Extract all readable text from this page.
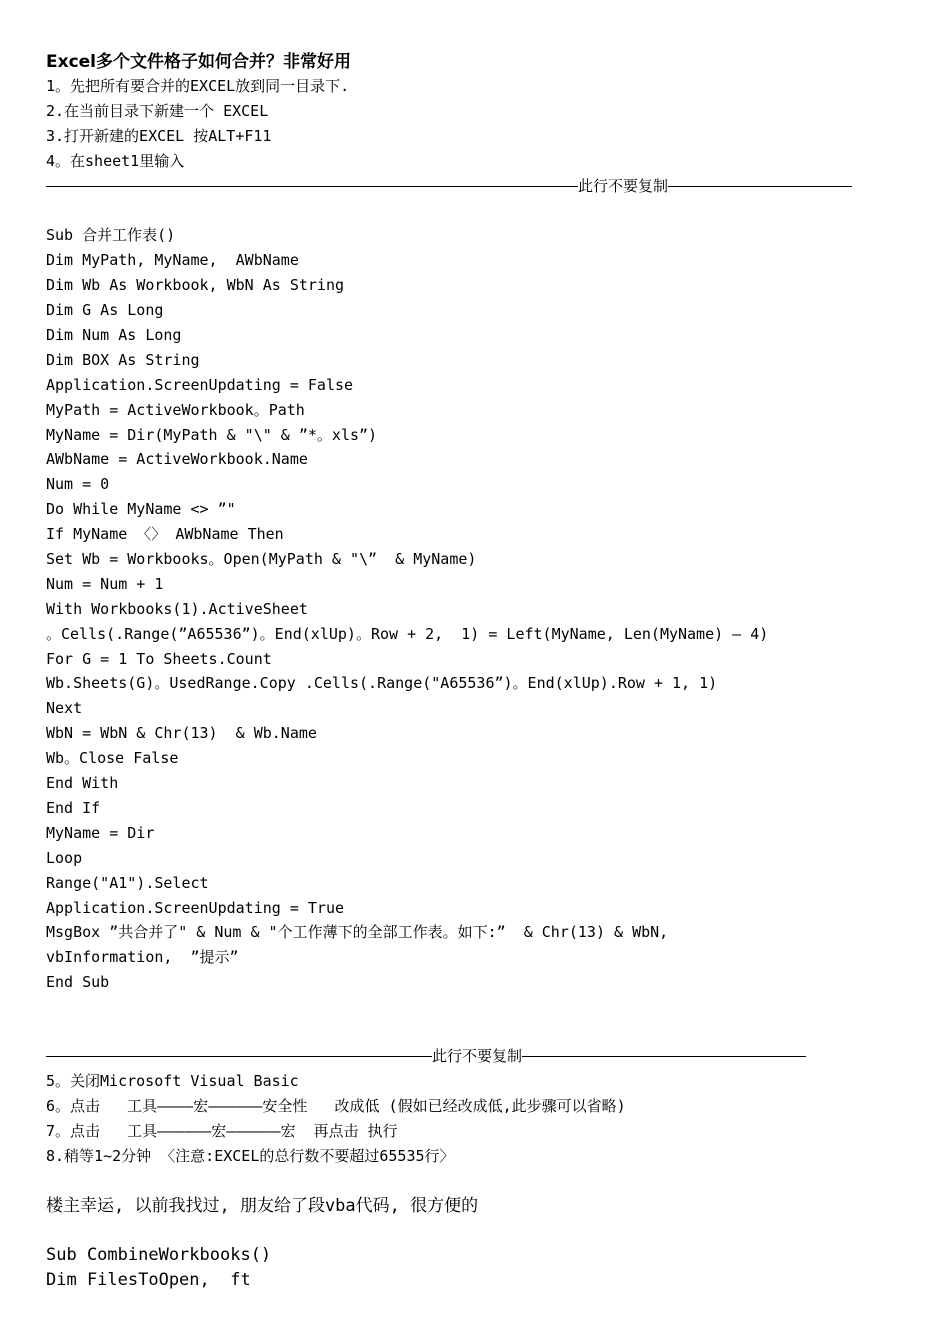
Excel多个文件格子如何合并？非常好用
1。先把所有要合并的EXCEL放到同一目录下.
2.在当前目录下新建一个 EXCEL
3.打开新建的EXCEL 按ALT+F11
4。在sheet1里输入
此行不要复制
Sub 合并工作表()
Dim MyPath, MyName,  AWbName
Dim Wb As Workbook, WbN As String
Dim G As Long
Dim Num As Long
Dim BOX As String
Application.ScreenUpdating = False
MyPath = ActiveWorkbook。Path
MyName = Dir(MyPath & "\" & ”*。xls”)
AWbName = ActiveWorkbook.Name
Num = 0
Do While MyName <> ”"
If MyName 〈〉 AWbName Then
Set Wb = Workbooks。Open(MyPath & "\”  & MyName)
Num = Num + 1
With Workbooks(1).ActiveSheet
。Cells(.Range(”A65536”)。End(xlUp)。Row + 2,  1) = Left(MyName, Len(MyName) — 4)
For G = 1 To Sheets.Count
Wb.Sheets(G)。UsedRange.Copy .Cells(.Range("A65536”)。End(xlUp).Row + 1, 1)
Next
WbN = WbN & Chr(13)  & Wb.Name
Wb。Close False
End With
End If
MyName = Dir
Loop
Range("A1").Select
Application.ScreenUpdating = True
MsgBox ”共合并了" & Num & "个工作薄下的全部工作表。如下:”  & Chr(13) & WbN,
vbInformation,  ”提示”
End Sub
此行不要复制
5。关闭Microsoft Visual Basic
6。点击   工具————宏——————安全性   改成低 (假如已经改成低,此步骤可以省略)
7。点击   工具——————宏——————宏  再点击 执行
8.稍等1~2分钟 〈注意:EXCEL的总行数不要超过65535行〉
楼主幸运, 以前我找过, 朋友给了段vba代码, 很方便的
Sub CombineWorkbooks()
Dim FilesToOpen,  ft
